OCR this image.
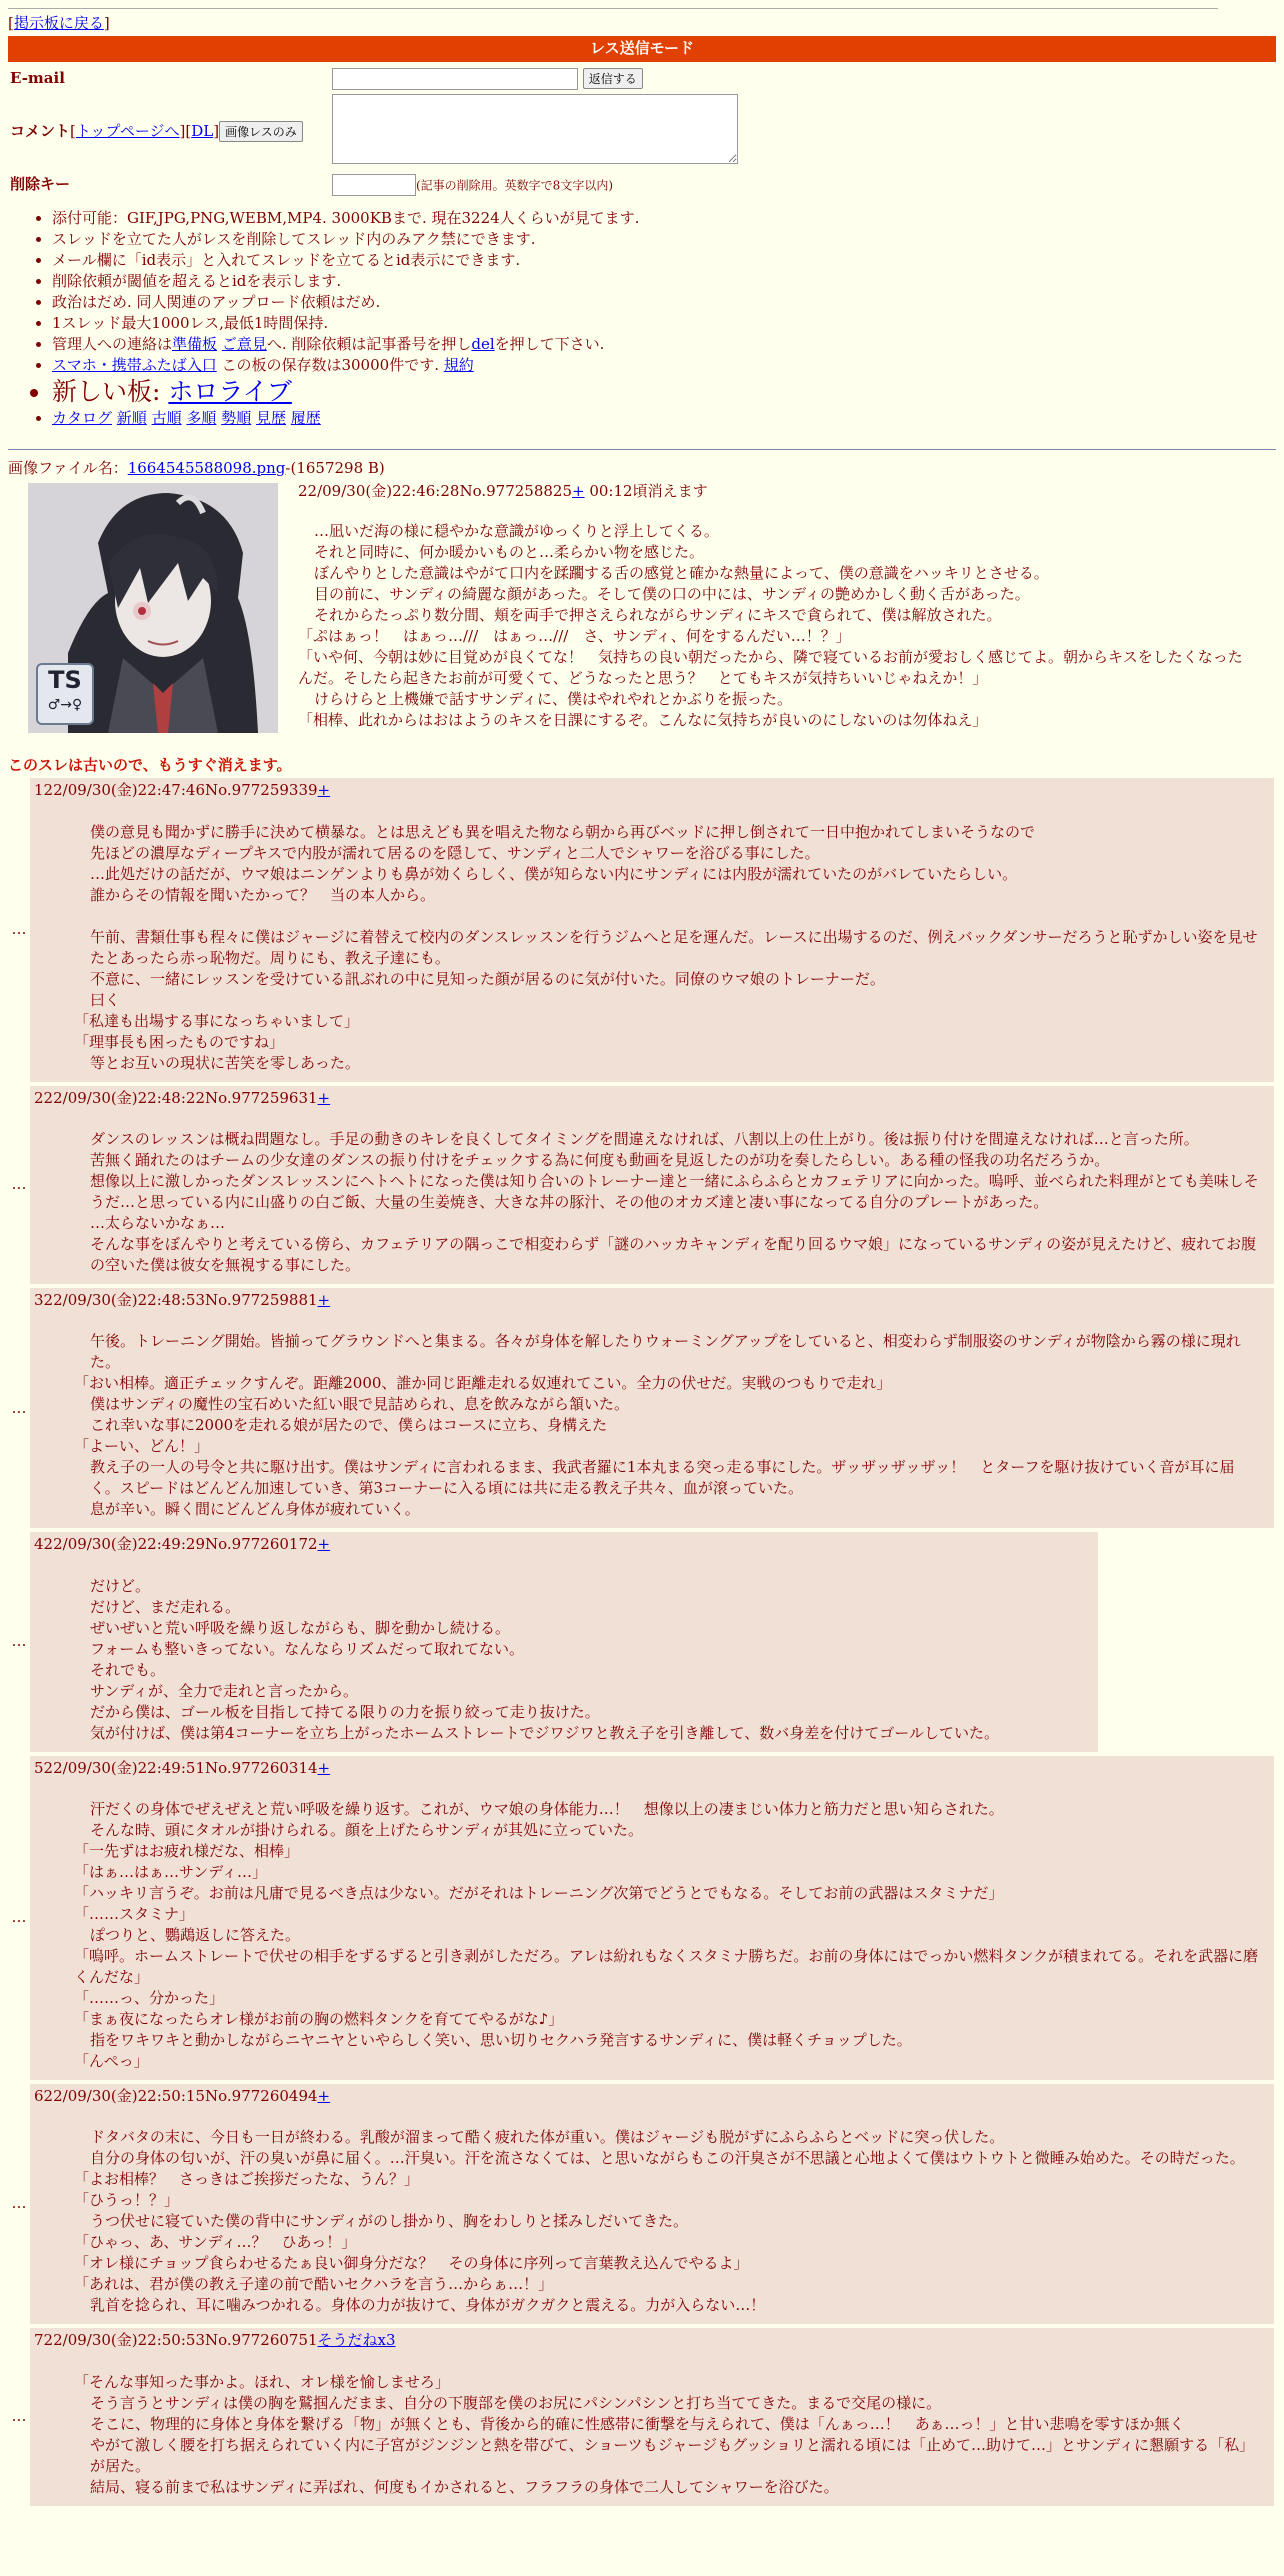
[掲示板に戻る]
レス送信モード
E-mail	返信する
コメント[トップページへ][DL] 画像レスのみ	
削除キー	(記事の削除用。英数字で8文字以内)
• 添付可能：GIF,JPG,PNG,WEBM,MP4. 3000KBまで. 現在3224人くらいが見てます.
• スレッドを立てた人がレスを削除してスレッド内のみアク禁にできます.
• メール欄に「id表示」と入れてスレッドを立てるとid表示にできます.
• 削除依頼が閾値を超えるとidを表示します.
• 政治はだめ. 同人関連のアップロード依頼はだめ.
• 1スレッド最大1000レス,最低1時間保持.
• 管理人への連絡は準備板 ご意見へ. 削除依頼は記事番号を押しdelを押して下さい.
• スマホ・携帯ふたば入口 この板の保存数は30000件です. 規約
• 新しい板: ホロライブ
• カタログ 新順 古順 多順 勢順 見歴 履歴
画像ファイル名：1664545588098.png-(1657298 B)
TS
♂→♀
22/09/30(金)22:46:28No.977258825+ 00:12頃消えます
…凪いだ海の様に穏やかな意識がゆっくりと浮上してくる。
それと同時に、何か暖かいものと…柔らかい物を感じた。
ぼんやりとした意識はやがて口内を蹂躙する舌の感覚と確かな熱量によって、僕の意識をハッキリとさせる。
目の前に、サンディの綺麗な顔があった。そして僕の口の中には、サンディの艶めかしく動く舌があった。
それからたっぷり数分間、頬を両手で押さえられながらサンディにキスで貪られて、僕は解放された。
「ぷはぁっ！　はぁっ…///　はぁっ…///　さ、サンディ、何をするんだい…！？」
「いや何、今朝は妙に目覚めが良くてな！　気持ちの良い朝だったから、隣で寝ているお前が愛おしく感じてよ。朝からキスをしたくなったんだ。そしたら起きたお前が可愛くて、どうなったと思う？　とてもキスが気持ちいいじゃねえか！」
けらけらと上機嫌で話すサンディに、僕はやれやれとかぶりを振った。
「相棒、此れからはおはようのキスを日課にするぞ。こんなに気持ちが良いのにしないのは勿体ねえ」
このスレは古いので、もうすぐ消えます。
…
122/09/30(金)22:47:46No.977259339+
僕の意見も聞かずに勝手に決めて横暴な。とは思えども異を唱えた物なら朝から再びベッドに押し倒されて一日中抱かれてしまいそうなので
先ほどの濃厚なディープキスで内股が濡れて居るのを隠して、サンディと二人でシャワーを浴びる事にした。
…此処だけの話だが、ウマ娘はニンゲンよりも鼻が効くらしく、僕が知らない内にサンディには内股が濡れていたのがバレていたらしい。
誰からその情報を聞いたかって？　当の本人から。
午前、書類仕事も程々に僕はジャージに着替えて校内のダンスレッスンを行うジムへと足を運んだ。レースに出場するのだ、例えバックダンサーだろうと恥ずかしい姿を見せたとあったら赤っ恥物だ。周りにも、教え子達にも。
不意に、一緒にレッスンを受けている訊ぶれの中に見知った顔が居るのに気が付いた。同僚のウマ娘のトレーナーだ。
曰く
「私達も出場する事になっちゃいまして」
「理事長も困ったものですね」
等とお互いの現状に苦笑を零しあった。
…
222/09/30(金)22:48:22No.977259631+
ダンスのレッスンは概ね問題なし。手足の動きのキレを良くしてタイミングを間違えなければ、八割以上の仕上がり。後は振り付けを間違えなければ…と言った所。
苦無く踊れたのはチームの少女達のダンスの振り付けをチェックする為に何度も動画を見返したのが功を奏したらしい。ある種の怪我の功名だろうか。
想像以上に激しかったダンスレッスンにヘトヘトになった僕は知り合いのトレーナー達と一緒にふらふらとカフェテリアに向かった。嗚呼、並べられた料理がとても美味しそうだ…と思っている内に山盛りの白ご飯、大量の生姜焼き、大きな丼の豚汁、その他のオカズ達と凄い事になってる自分のプレートがあった。
…太らないかなぁ…
そんな事をぼんやりと考えている傍ら、カフェテリアの隅っこで相変わらず「謎のハッカキャンディを配り回るウマ娘」になっているサンディの姿が見えたけど、疲れてお腹の空いた僕は彼女を無視する事にした。
…
322/09/30(金)22:48:53No.977259881+
午後。トレーニング開始。皆揃ってグラウンドへと集まる。各々が身体を解したりウォーミングアップをしていると、相変わらず制服姿のサンディが物陰から霧の様に現れた。
「おい相棒。適正チェックすんぞ。距離2000、誰か同じ距離走れる奴連れてこい。全力の伏せだ。実戦のつもりで走れ」
僕はサンディの魔性の宝石めいた紅い眼で見詰められ、息を飲みながら頷いた。
これ幸いな事に2000を走れる娘が居たので、僕らはコースに立ち、身構えた
「よーい、どん！」
教え子の一人の号令と共に駆け出す。僕はサンディに言われるまま、我武者羅に1本丸まる突っ走る事にした。ザッザッザッザッ！　とターフを駆け抜けていく音が耳に届く。スピードはどんどん加速していき、第3コーナーに入る頃には共に走る教え子共々、血が滾っていた。
息が辛い。瞬く間にどんどん身体が疲れていく。
…
422/09/30(金)22:49:29No.977260172+
だけど。
だけど、まだ走れる。
ぜいぜいと荒い呼吸を繰り返しながらも、脚を動かし続ける。
フォームも整いきってない。なんならリズムだって取れてない。
それでも。
サンディが、全力で走れと言ったから。
だから僕は、ゴール板を目指して持てる限りの力を振り絞って走り抜けた。
気が付けば、僕は第4コーナーを立ち上がったホームストレートでジワジワと教え子を引き離して、数バ身差を付けてゴールしていた。
…
522/09/30(金)22:49:51No.977260314+
汗だくの身体でぜえぜえと荒い呼吸を繰り返す。これが、ウマ娘の身体能力…！　想像以上の凄まじい体力と筋力だと思い知らされた。
そんな時、頭にタオルが掛けられる。顔を上げたらサンディが其処に立っていた。
「一先ずはお疲れ様だな、相棒」
「はぁ…はぁ…サンディ…」
「ハッキリ言うぞ。お前は凡庸で見るべき点は少ない。だがそれはトレーニング次第でどうとでもなる。そしてお前の武器はスタミナだ」
「……スタミナ」
ぽつりと、鸚鵡返しに答えた。
「嗚呼。ホームストレートで伏せの相手をずるずると引き剥がしただろ。アレは紛れもなくスタミナ勝ちだ。お前の身体にはでっかい燃料タンクが積まれてる。それを武器に磨くんだな」
「……っ、分かった」
「まぁ夜になったらオレ様がお前の胸の燃料タンクを育ててやるがな♪」
指をワキワキと動かしながらニヤニヤといやらしく笑い、思い切りセクハラ発言するサンディに、僕は軽くチョップした。
「んぺっ」
…
622/09/30(金)22:50:15No.977260494+
ドタバタの末に、今日も一日が終わる。乳酸が溜まって酷く疲れた体が重い。僕はジャージも脱がずにふらふらとベッドに突っ伏した。
自分の身体の匂いが、汗の臭いが鼻に届く。…汗臭い。汗を流さなくては、と思いながらもこの汗臭さが不思議と心地よくて僕はウトウトと微睡み始めた。その時だった。
「よお相棒？　さっきはご挨拶だったな、うん？」
「ひうっ！？」
うつ伏せに寝ていた僕の背中にサンディがのし掛かり、胸をわしりと揉みしだいてきた。
「ひゃっ、あ、サンディ…？　ひあっ！」
「オレ様にチョップ食らわせるたぁ良い御身分だな？　その身体に序列って言葉教え込んでやるよ」
「あれは、君が僕の教え子達の前で酷いセクハラを言う…からぁ…！」
乳首を捻られ、耳に噛みつかれる。身体の力が抜けて、身体がガクガクと震える。力が入らない…！
…
722/09/30(金)22:50:53No.977260751そうだねx3
「そんな事知った事かよ。ほれ、オレ様を愉しませろ」
そう言うとサンディは僕の胸を鷲掴んだまま、自分の下腹部を僕のお尻にパシンパシンと打ち当ててきた。まるで交尾の様に。
そこに、物理的に身体と身体を繋げる「物」が無くとも、背後から的確に性感帯に衝撃を与えられて、僕は「んぁっ…！　あぁ…っ！」と甘い悲鳴を零すほか無く
やがて激しく腰を打ち据えられていく内に子宮がジンジンと熱を帯びて、ショーツもジャージもグッショリと濡れる頃には「止めて…助けて…」とサンディに懇願する「私」が居た。
結局、寝る前まで私はサンディに弄ばれ、何度もイかされると、フラフラの身体で二人してシャワーを浴びた。
